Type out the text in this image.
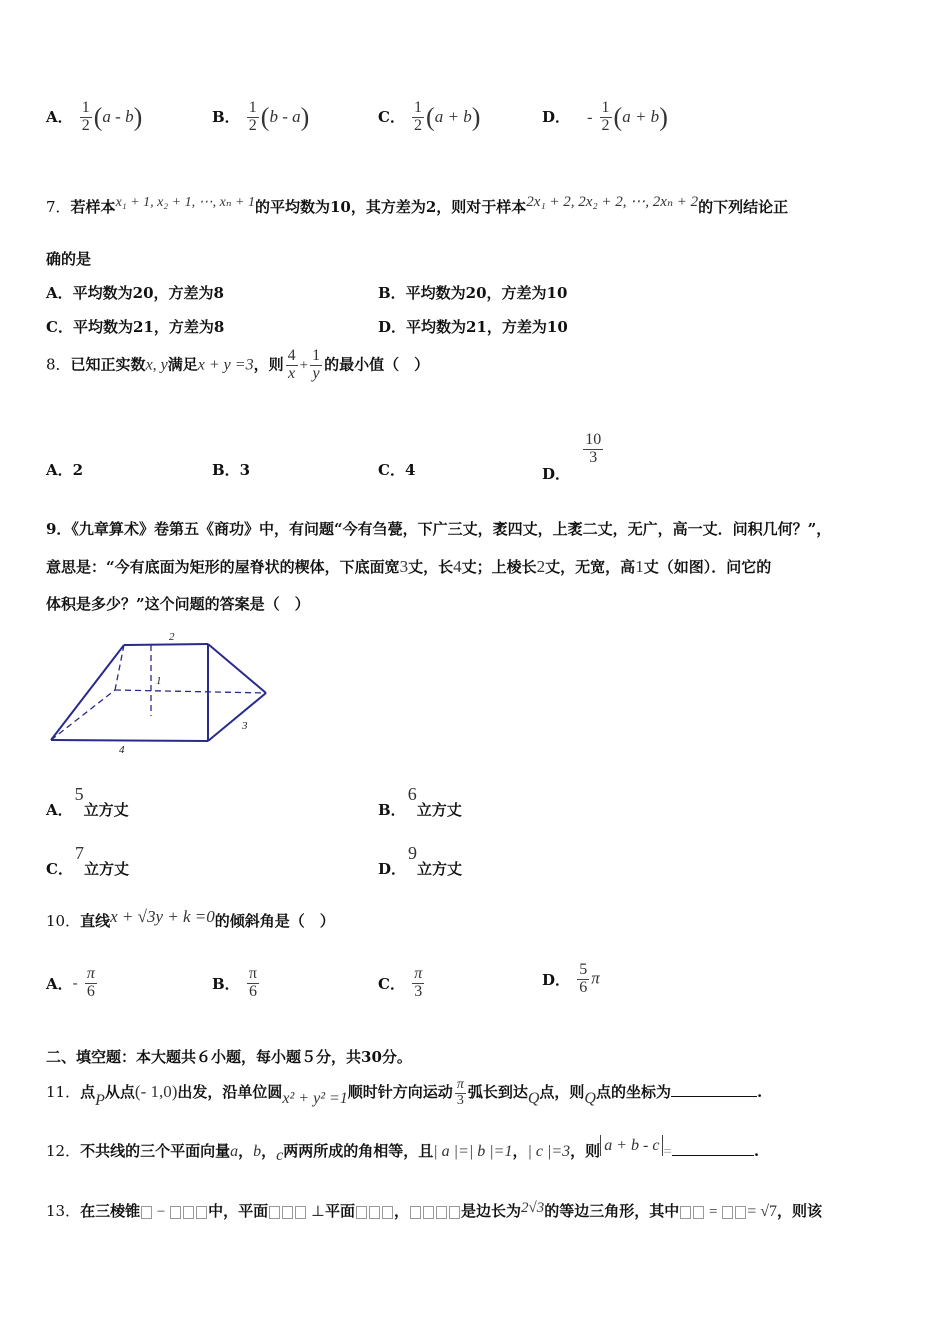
A． $\frac{1}{2} (a - b)$	B． $\frac{1}{2} (b - a)$	C． $\frac{1}{2} (a + b)$	D． - $\frac{1}{2} (a + b)$
7．若样本x₁ + 1, x₂ + 1, ⋯, xₙ + 1的平均数为10，其方差为2，则对于样本2x₁ + 2, 2x₂ + 2, ⋯, 2xₙ + 2的下列结论正
确的是
A．平均数为20，方差为8	B．平均数为20，方差为10
C．平均数为21，方差为8	D．平均数为21，方差为10
8．已知正实数x, y满足x + y =3，则 $\frac{4}{x} + \frac{1}{y}$ 的最小值（　）
A．2	B．3	C．4	D．
$\frac{10}{3}$
9．《九章算术》卷第五《商功》中，有问题“今有刍甍，下广三丈，袤四丈，上袤二丈，无广，高一丈．问积几何？”，
意思是：“今有底面为矩形的屋脊状的楔体，下底面宽3丈，长4丈；上棱长2丈，无宽，高1丈（如图）．问它的
体积是多少？”这个问题的答案是（　）
2
1
3
4
A．5立方丈	B．6立方丈
C．7立方丈	D．9立方丈
10．直线x + √3y + k =0的倾斜角是（　）
A．- $\frac{\pi}{6}$	B． $\frac{\pi}{6}$	C． $\frac{\pi}{3}$	D． $\frac{5}{6}$ π
二、填空题：本大题共６小题，每小题５分，共30分。
11．点P从点(- 1,0)出发，沿单位圆x² + y² =1顺时针方向运动 $\frac{\pi}{3}$ 弧长到达Q点，则Q点的坐标为	.
12．不共线的三个平面向量a，b，c两两所成的角相等，且| a |=| b |=1，| c |=3，则 a + b - c =	.
13．在三棱锥 −	中，平面	⊥平面	，	是边长为2√3的等边三角形，其中 = = √7，则该
